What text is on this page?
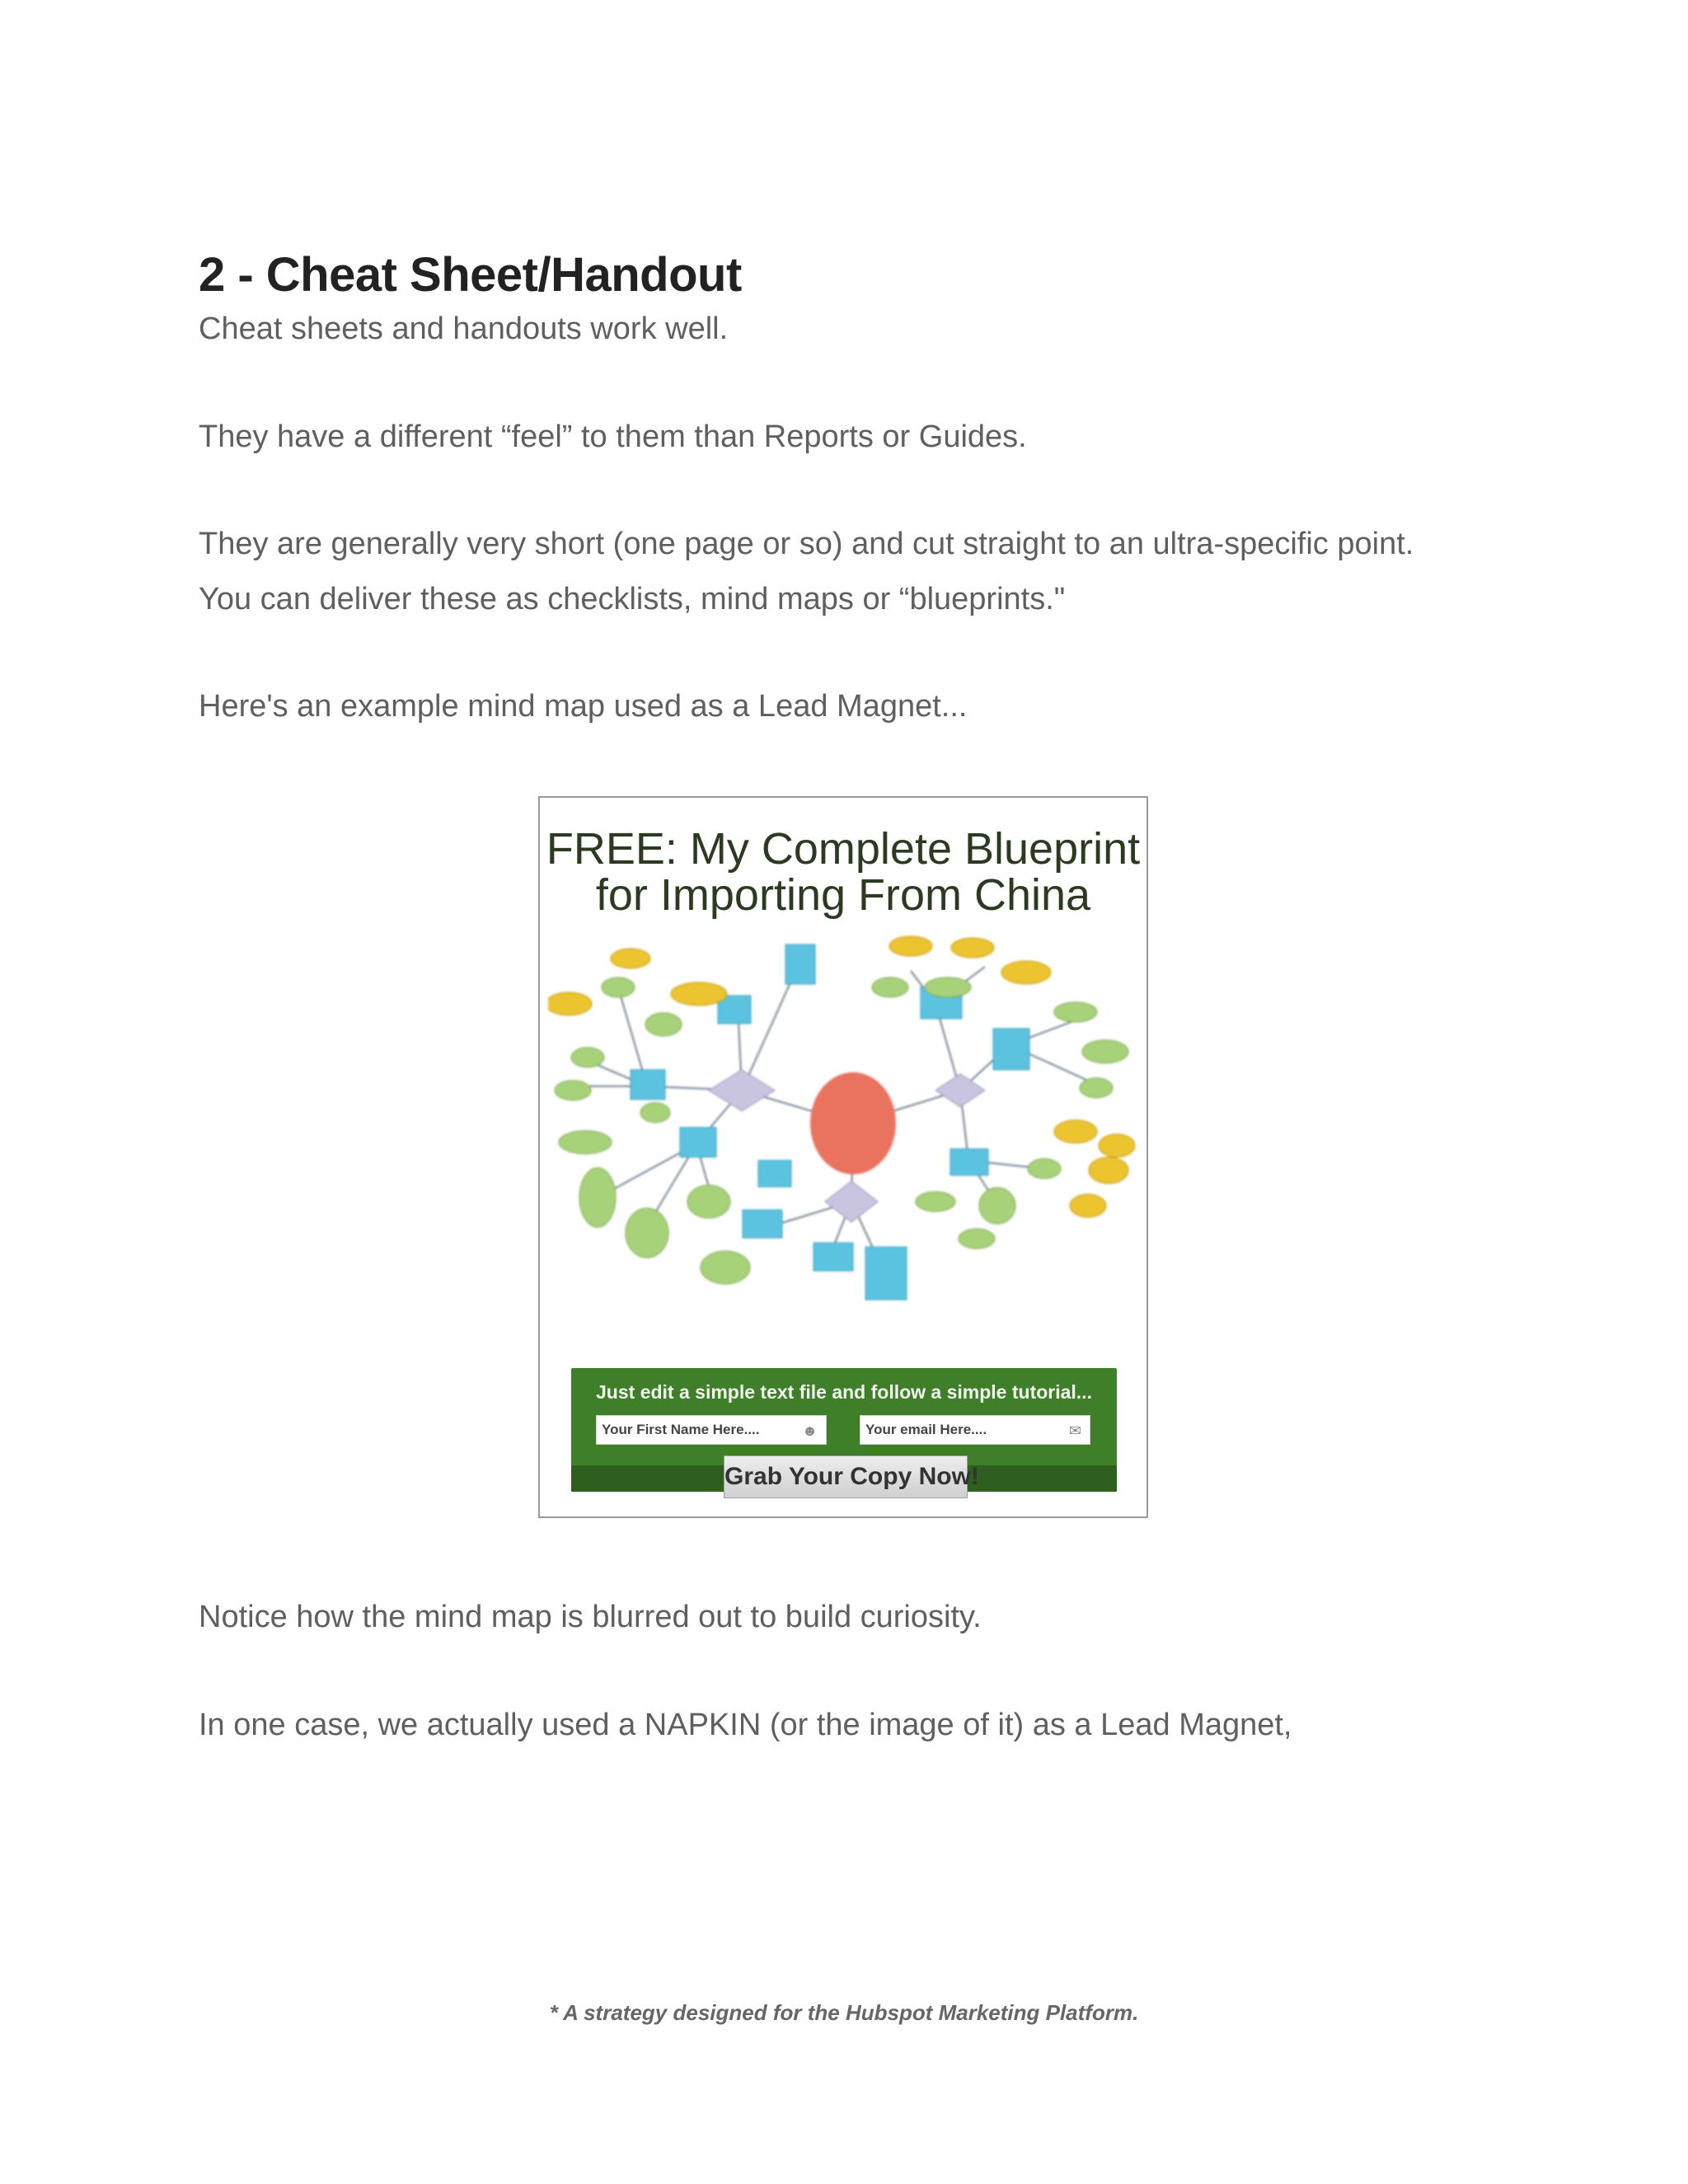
2 - Cheat Sheet/Handout

Cheat sheets and handouts work well.

They have a different “feel” to them than Reports or Guides.

They are generally very short (one page or so) and cut straight to an ultra-specific point.

You can deliver these as checklists, mind maps or “blueprints."

Here's an example mind map used as a Lead Magnet...

FREE: My Complete Blueprint
for Importing From China
Just edit a simple text file and follow a simple tutorial...
Your First Name Here....	☻	Your email Here....	✉
Grab Your Copy Now!

Notice how the mind map is blurred out to build curiosity.

In one case, we actually used a NAPKIN (or the image of it) as a Lead Magnet,

* A strategy designed for the Hubspot Marketing Platform.
